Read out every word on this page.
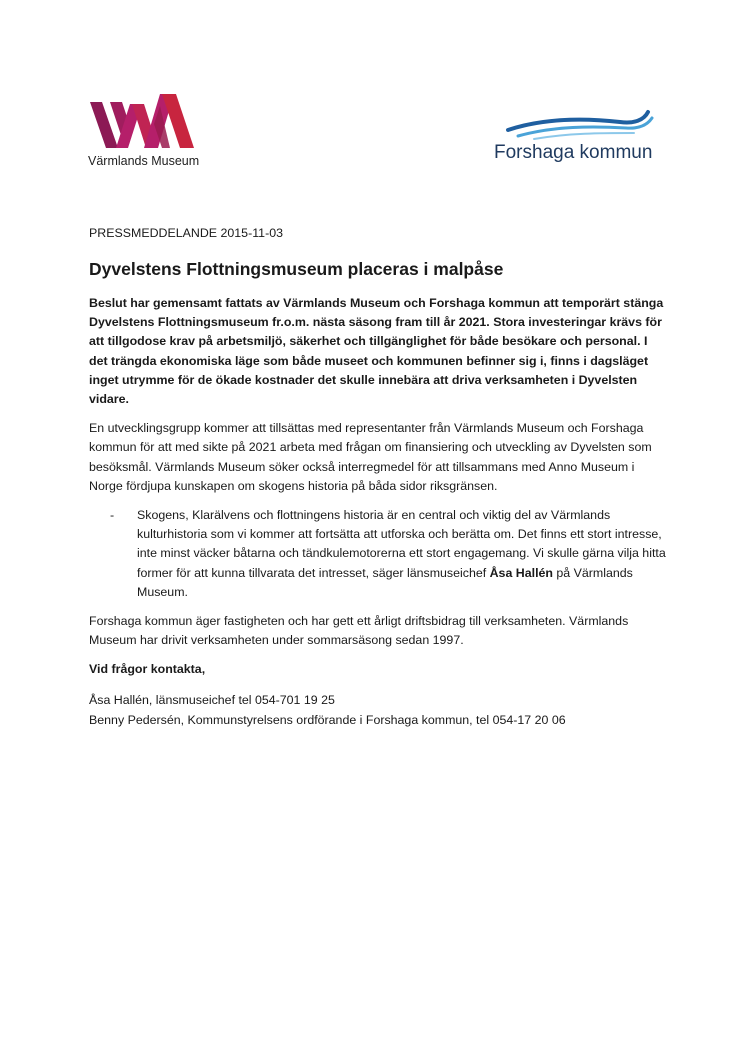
Värmlands Museum	Forshaga kommun

PRESSMEDDELANDE 2015-11-03

Dyvelstens Flottningsmuseum placeras i malpåse

Beslut har gemensamt fattats av Värmlands Museum och Forshaga kommun att temporärt stänga Dyvelstens Flottningsmuseum fr.o.m. nästa säsong fram till år 2021. Stora investeringar krävs för att tillgodose krav på arbetsmiljö, säkerhet och tillgänglighet för både besökare och personal. I det trängda ekonomiska läge som både museet och kommunen befinner sig i, finns i dagsläget inget utrymme för de ökade kostnader det skulle innebära att driva verksamheten i Dyvelsten vidare.

En utvecklingsgrupp kommer att tillsättas med representanter från Värmlands Museum och Forshaga kommun för att med sikte på 2021 arbeta med frågan om finansiering och utveckling av Dyvelsten som besöksmål. Värmlands Museum söker också interregmedel för att tillsammans med Anno Museum i Norge fördjupa kunskapen om skogens historia på båda sidor riksgränsen.

-	Skogens, Klarälvens och flottningens historia är en central och viktig del av Värmlands kulturhistoria som vi kommer att fortsätta att utforska och berätta om. Det finns ett stort intresse, inte minst väcker båtarna och tändkulemotorerna ett stort engagemang. Vi skulle gärna vilja hitta former för att kunna tillvarata det intresset, säger länsmuseichef Åsa Hallén på Värmlands Museum.

Forshaga kommun äger fastigheten och har gett ett årligt driftsbidrag till verksamheten. Värmlands Museum har drivit verksamheten under sommarsäsong sedan 1997.

Vid frågor kontakta,

Åsa Hallén, länsmuseichef tel 054-701 19 25

Benny Pedersén, Kommunstyrelsens ordförande i Forshaga kommun, tel 054-17 20 06
